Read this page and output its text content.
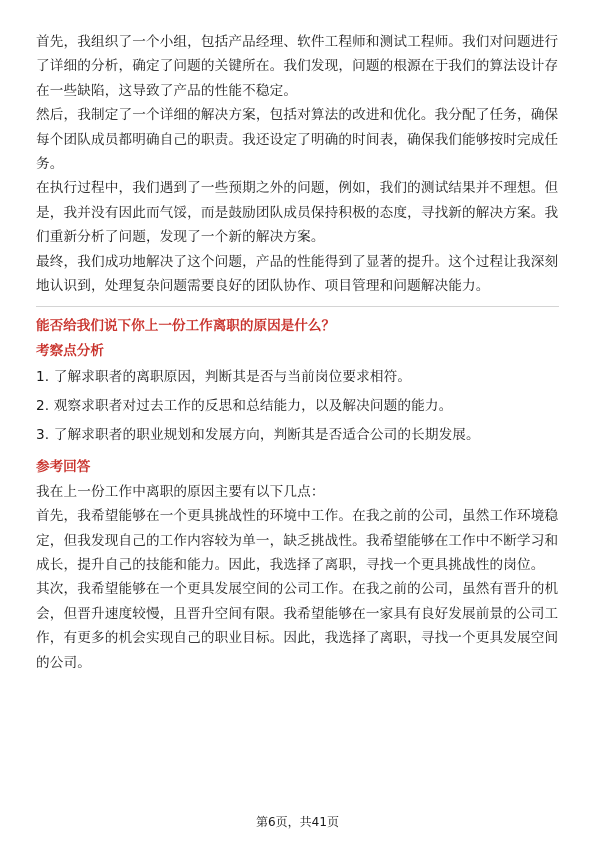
首先，我组织了一个小组，包括产品经理、软件工程师和测试工程师。我们对问题进行了详细的分析，确定了问题的关键所在。我们发现，问题的根源在于我们的算法设计存在一些缺陷，这导致了产品的性能不稳定。

然后，我制定了一个详细的解决方案，包括对算法的改进和优化。我分配了任务，确保每个团队成员都明确自己的职责。我还设定了明确的时间表，确保我们能够按时完成任务。

在执行过程中，我们遇到了一些预期之外的问题，例如，我们的测试结果并不理想。但是，我并没有因此而气馁，而是鼓励团队成员保持积极的态度，寻找新的解决方案。我们重新分析了问题，发现了一个新的解决方案。

最终，我们成功地解决了这个问题，产品的性能得到了显著的提升。这个过程让我深刻地认识到，处理复杂问题需要良好的团队协作、项目管理和问题解决能力。

能否给我们说下你上一份工作离职的原因是什么？

考察点分析

1. 了解求职者的离职原因，判断其是否与当前岗位要求相符。
2. 观察求职者对过去工作的反思和总结能力，以及解决问题的能力。
3. 了解求职者的职业规划和发展方向，判断其是否适合公司的长期发展。

参考回答

我在上一份工作中离职的原因主要有以下几点：

首先，我希望能够在一个更具挑战性的环境中工作。在我之前的公司，虽然工作环境稳定，但我发现自己的工作内容较为单一，缺乏挑战性。我希望能够在工作中不断学习和成长，提升自己的技能和能力。因此，我选择了离职，寻找一个更具挑战性的岗位。

其次，我希望能够在一个更具发展空间的公司工作。在我之前的公司，虽然有晋升的机会，但晋升速度较慢，且晋升空间有限。我希望能够在一家具有良好发展前景的公司工作，有更多的机会实现自己的职业目标。因此，我选择了离职，寻找一个更具发展空间的公司。

第6页，共41页
